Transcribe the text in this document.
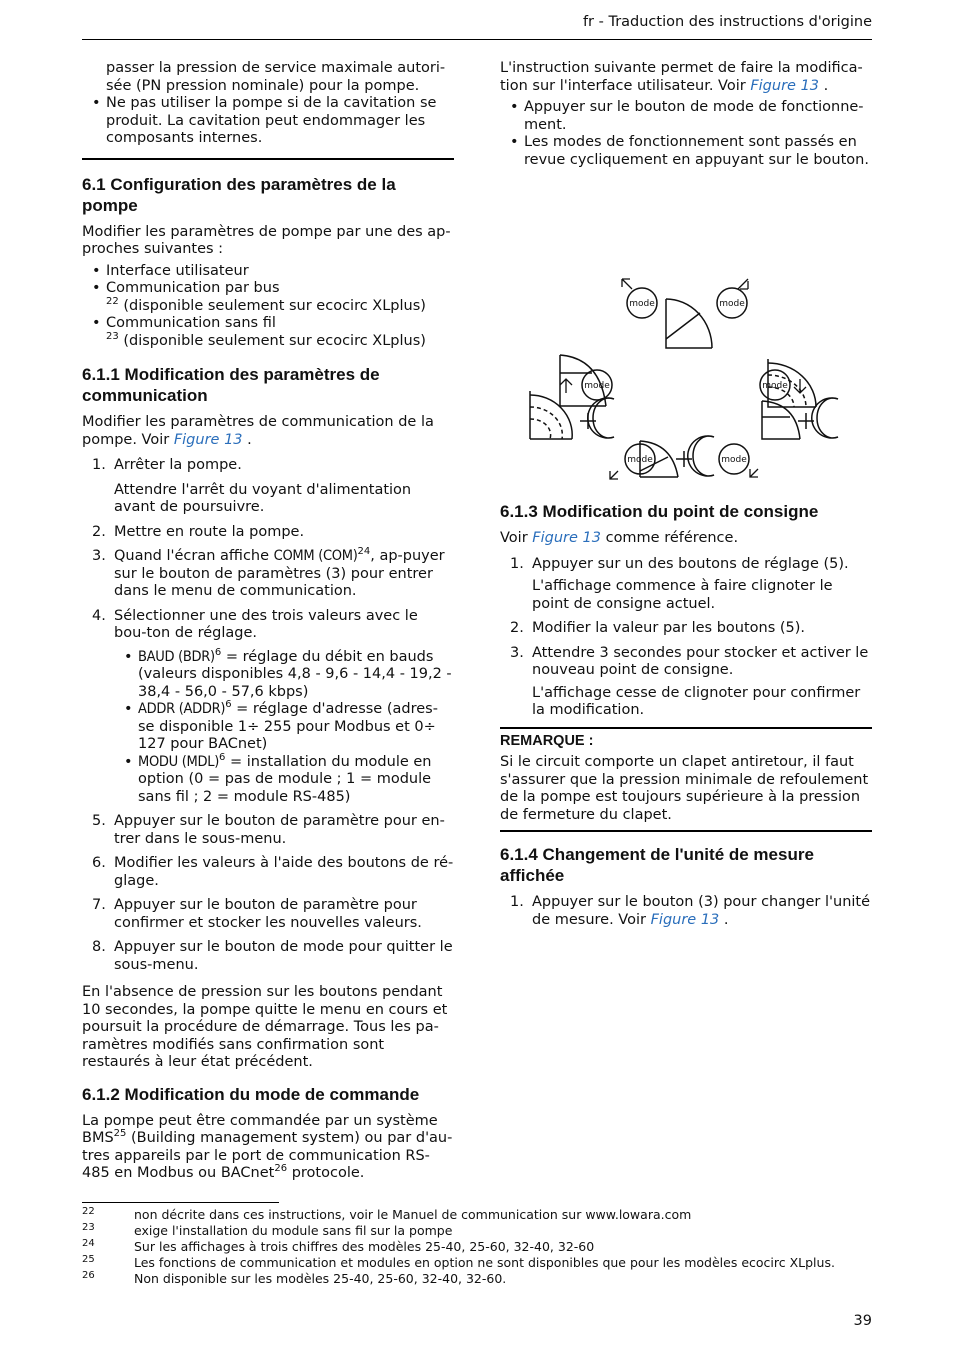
fr - Traduction des instructions d'origine

passer la pression de service maximale autori-sée (PN pression nominale) pour la pompe.

• Ne pas utiliser la pompe si de la cavitation se produit. La cavitation peut endommager les composants internes.
6.1 Configuration des paramètres de la pompe

Modifier les paramètres de pompe par une des ap-proches suivantes :

• Interface utilisateur
• Communication par bus
$^{22}$ (disponible seulement sur ecocirc XLplus)
• Communication sans fil
$^{23}$ (disponible seulement sur ecocirc XLplus)
6.1.1 Modification des paramètres de communication

Modifier les paramètres de communication de la pompe. Voir Figure 13 .

1. Arrêter la pompe.
Attendre l'arrêt du voyant d'alimentation avant de poursuivre.
2. Mettre en route la pompe.
3. Quand l'écran affiche COMM (COM)$^{24}$, ap-puyer sur le bouton de paramètres (3) pour entrer dans le menu de communication.
4. Sélectionner une des trois valeurs avec le bou-ton de réglage.
• BAUD (BDR)$^6$ = réglage du débit en bauds (valeurs disponibles 4,8 - 9,6 - 14,4 - 19,2 - 38,4 - 56,0 - 57,6 kbps)
• ADDR (ADDR)$^6$ = réglage d'adresse (adres-se disponible 1÷ 255 pour Modbus et 0÷ 127 pour BACnet)
• MODU (MDL)$^6$ = installation du module en option (0 = pas de module ; 1 = module sans fil ; 2 = module RS-485)
5. Appuyer sur le bouton de paramètre pour en-trer dans le sous-menu.
6. Modifier les valeurs à l'aide des boutons de ré-glage.
7. Appuyer sur le bouton de paramètre pour confirmer et stocker les nouvelles valeurs.
8. Appuyer sur le bouton de mode pour quitter le sous-menu.

En l'absence de pression sur les boutons pendant 10 secondes, la pompe quitte le menu en cours et poursuit la procédure de démarrage. Tous les pa-ramètres modifiés sans confirmation sont restaurés à leur état précédent.

6.1.2 Modification du mode de commande

La pompe peut être commandée par un système BMS$^{25}$ (Building management system) ou par d'au-tres appareils par le port de communication RS-485 en Modbus ou BACnet$^{26}$ protocole.

L'instruction suivante permet de faire la modifica-tion sur l'interface utilisateur. Voir Figure 13 .

• Appuyer sur le bouton de mode de fonctionne-ment.
• Les modes de fonctionnement sont passés en revue cycliquement en appuyant sur le bouton.
mode	mode
mode	mode
mode	mode
6.1.3 Modification du point de consigne

Voir Figure 13 comme référence.

1. Appuyer sur un des boutons de réglage (5).
L'affichage commence à faire clignoter le point de consigne actuel.
2. Modifier la valeur par les boutons (5).
3. Attendre 3 secondes pour stocker et activer le nouveau point de consigne.
L'affichage cesse de clignoter pour confirmer la modification.
REMARQUE :

Si le circuit comporte un clapet antiretour, il faut s'assurer que la pression minimale de refoulement de la pompe est toujours supérieure à la pression de fermeture du clapet.

6.1.4 Changement de l'unité de mesure affichée
1. Appuyer sur le bouton (3) pour changer l'unité de mesure. Voir Figure 13 .
22	non décrite dans ces instructions, voir le Manuel de communication sur www.lowara.com
23	exige l'installation du module sans fil sur la pompe
24	Sur les affichages à trois chiffres des modèles 25-40, 25-60, 32-40, 32-60
25	Les fonctions de communication et modules en option ne sont disponibles que pour les modèles ecocirc XLplus.
26	Non disponible sur les modèles 25-40, 25-60, 32-40, 32-60.
39
